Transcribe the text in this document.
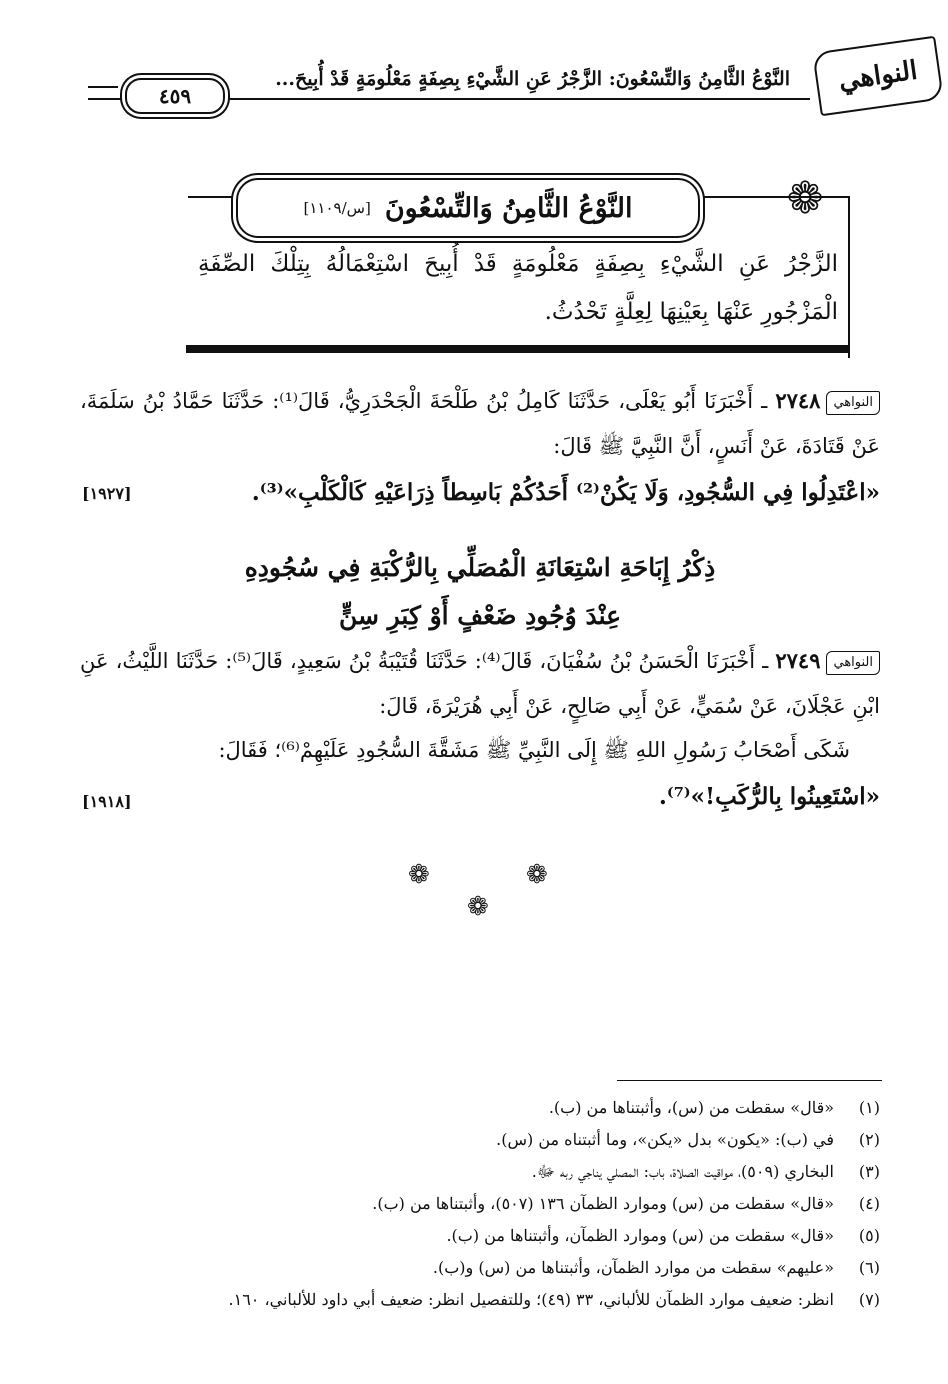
٤٥٩
النَّوْعُ الثَّامِنُ وَالتِّسْعُونَ: الزَّجْرُ عَنِ الشَّيْءِ بِصِفَةٍ مَعْلُومَةٍ قَدْ أُبِيحَ...	النواهي
الزَّجْرُ عَنِ الشَّيْءِ بِصِفَةٍ مَعْلُومَةٍ قَدْ أُبِيحَ اسْتِعْمَالُهُ بِتِلْكَ الصِّفَةِ الْمَزْجُورِ عَنْهَا بِعَيْنِهَا لِعِلَّةٍ تَحْدُثُ.
النَّوْعُ الثَّامِنُ وَالتِّسْعُونَ
[س/١١٠٩]	❁
النواهي٢٧٤٨ ـ أَخْبَرَنَا أَبُو يَعْلَى، حَدَّثَنَا كَامِلُ بْنُ طَلْحَةَ الْجَحْدَرِيُّ، قَالَ⁽¹⁾: حَدَّثَنَا حَمَّادُ بْنُ سَلَمَةَ، عَنْ قَتَادَةَ، عَنْ أَنَسٍ، أَنَّ النَّبِيَّ ﷺ قَالَ:
«اعْتَدِلُوا فِي السُّجُودِ، وَلَا يَكُنْ⁽²⁾ أَحَدُكُمْ بَاسِطاً ذِرَاعَيْهِ كَالْكَلْبِ»⁽³⁾.
[١٩٢٧]
ذِكْرُ إِبَاحَةِ اسْتِعَانَةِ الْمُصَلِّي بِالرُّكْبَةِ فِي سُجُودِهِ
عِنْدَ وُجُودِ ضَعْفٍ أَوْ كِبَرِ سِنٍّ
النواهي٢٧٤٩ ـ أَخْبَرَنَا الْحَسَنُ بْنُ سُفْيَانَ، قَالَ⁽⁴⁾: حَدَّثَنَا قُتَيْبَةُ بْنُ سَعِيدٍ، قَالَ⁽⁵⁾: حَدَّثَنَا اللَّيْثُ، عَنِ ابْنِ عَجْلَانَ، عَنْ سُمَيٍّ، عَنْ أَبِي صَالِحٍ، عَنْ أَبِي هُرَيْرَةَ، قَالَ:
شَكَى أَصْحَابُ رَسُولِ اللهِ ﷺ إِلَى النَّبِيِّ ﷺ مَشَقَّةَ السُّجُودِ عَلَيْهِمْ⁽⁶⁾؛ فَقَالَ:
«اسْتَعِينُوا بِالرُّكَبِ!»⁽⁷⁾.
[١٩١٨]
❁	❁
❁
(١)«قال» سقطت من (س)، وأثبتناها من (ب).
(٢)في (ب): «يكون» بدل «يكن»، وما أثبتناه من (س).
(٣)البخاري (٥٠٩)، مواقيت الصلاة، باب: المصلي يناجي ربه ﷻ.
(٤)«قال» سقطت من (س) وموارد الظمآن ١٣٦ (٥٠٧)، وأثبتناها من (ب).
(٥)«قال» سقطت من (س) وموارد الظمآن، وأثبتناها من (ب).
(٦)«عليهم» سقطت من موارد الظمآن، وأثبتناها من (س) و(ب).
(٧)انظر: ضعيف موارد الظمآن للألباني، ٣٣ (٤٩)؛ وللتفصيل انظر: ضعيف أبي داود للألباني، ١٦٠.
